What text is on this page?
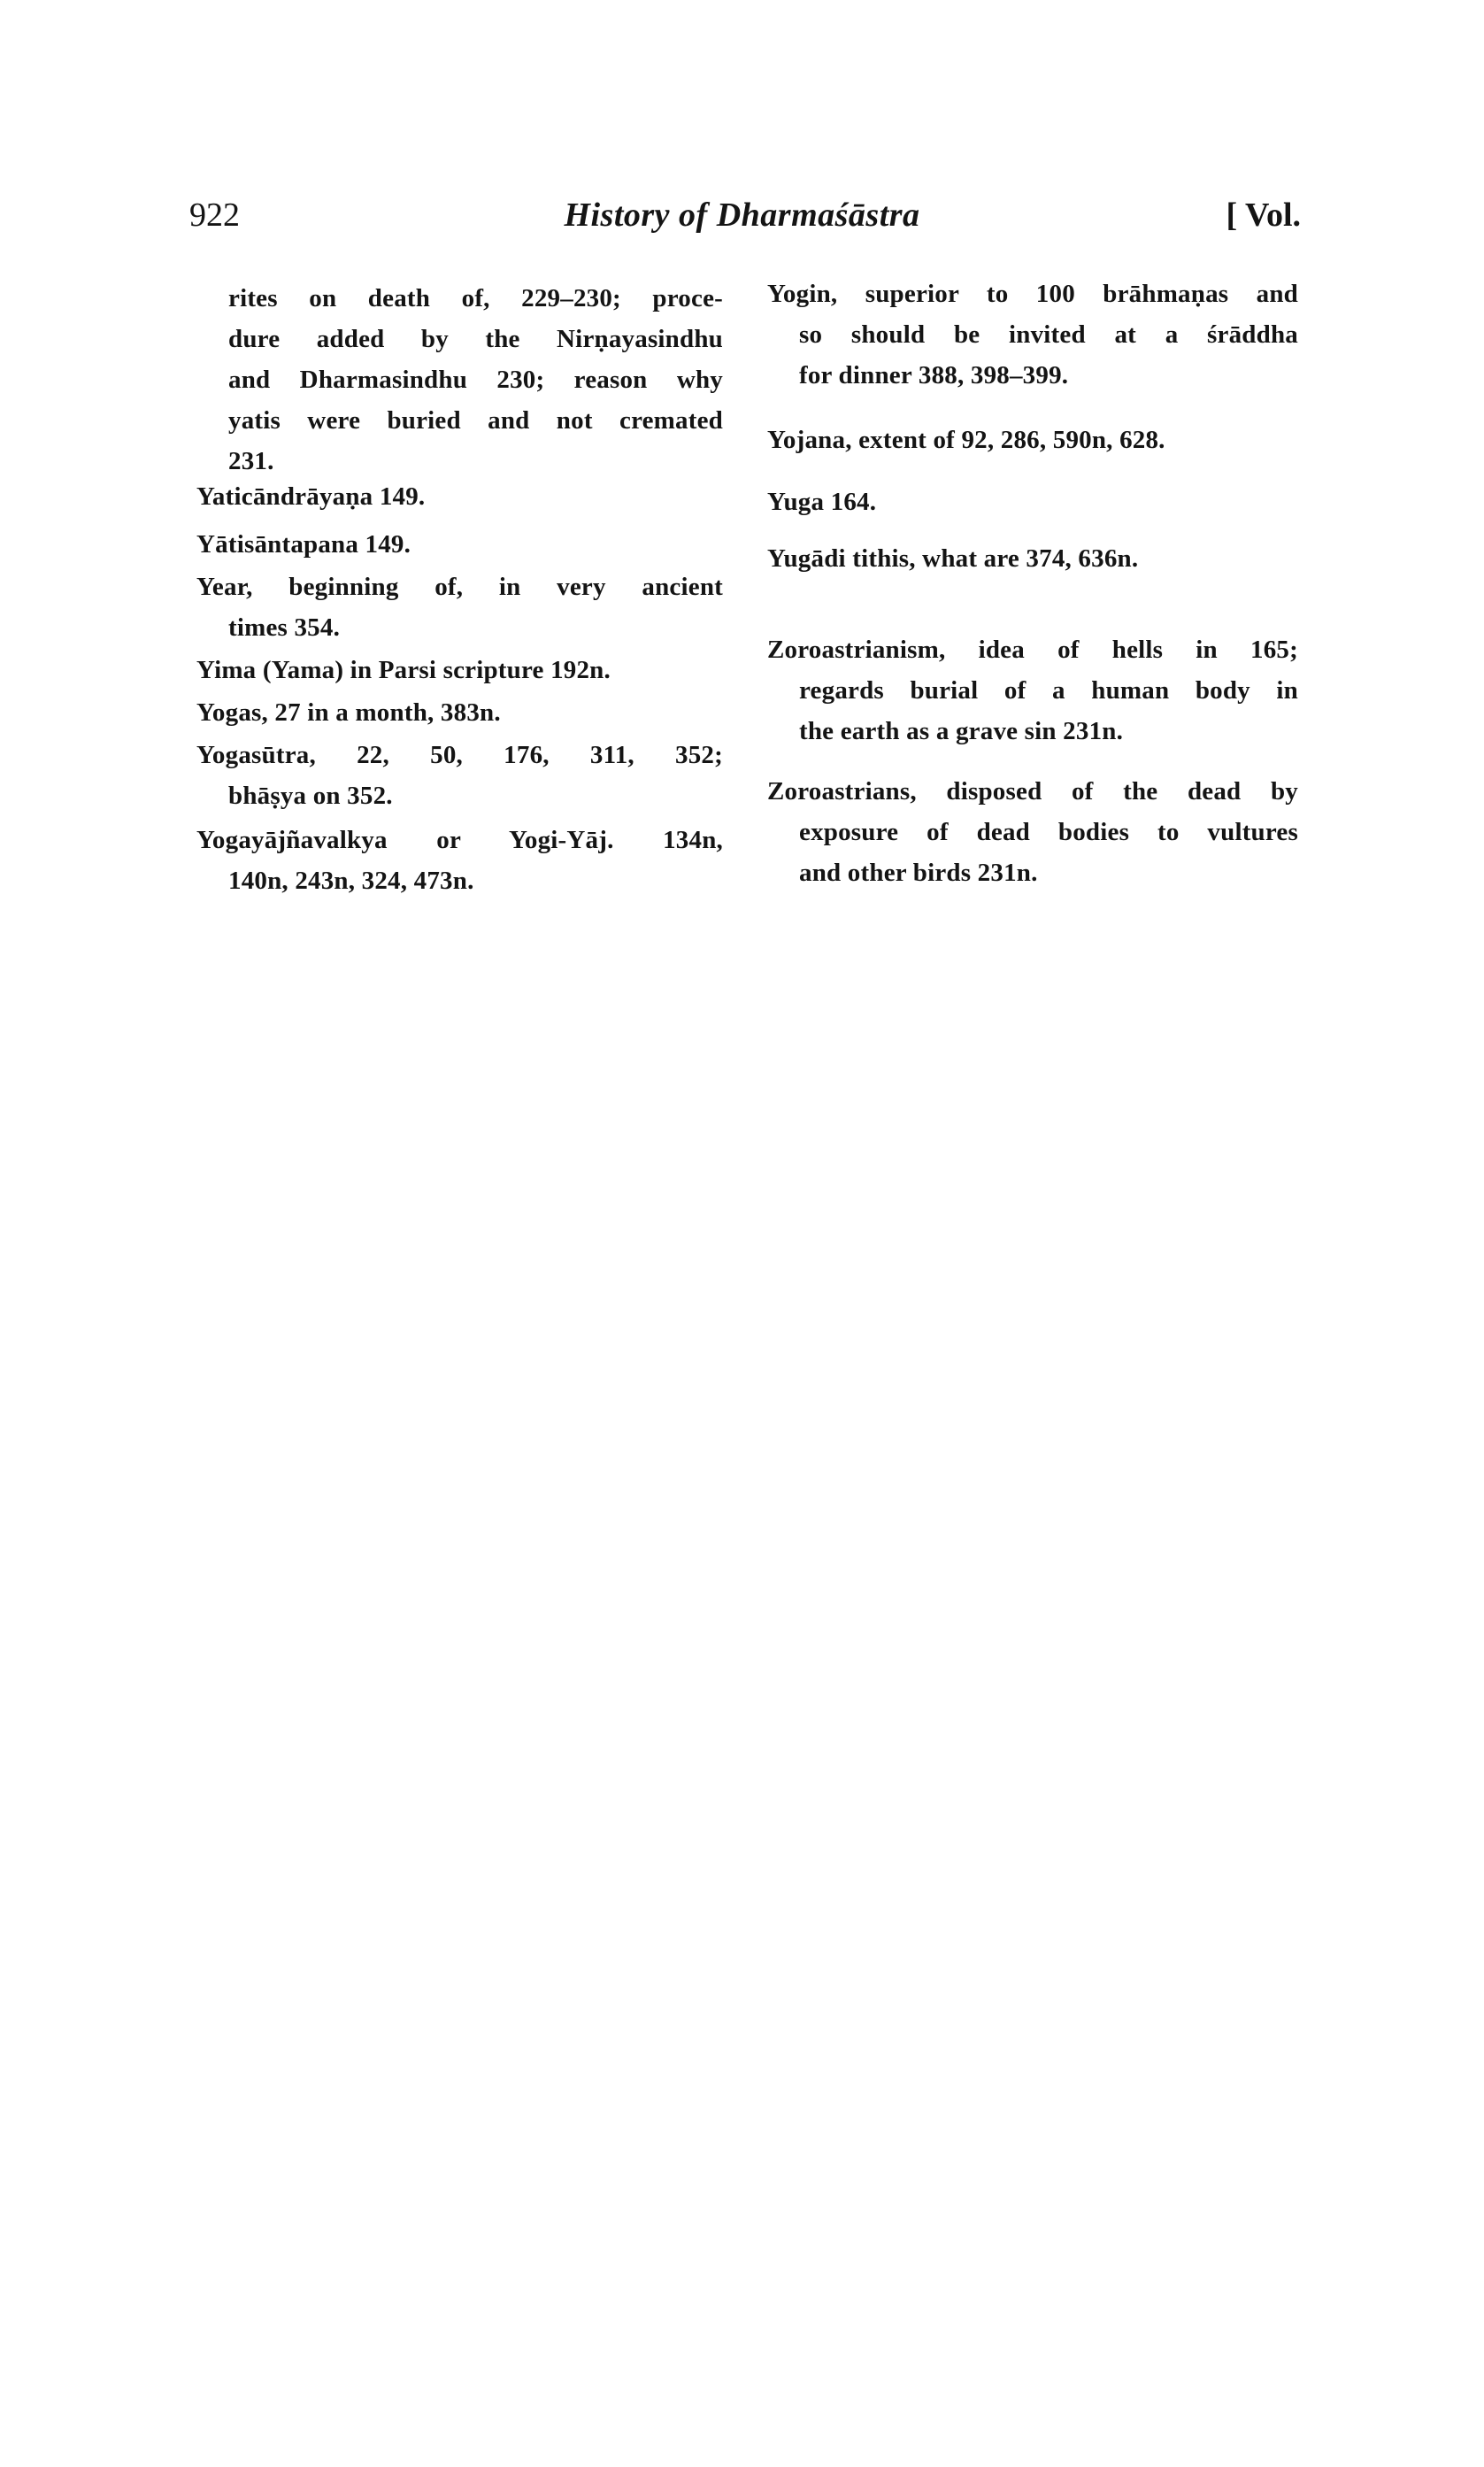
922	History of Dharmaśāstra	[ Vol.
rites on death of, 229–230; proce-
dure added by the Nirṇayasindhu
and Dharmasindhu 230; reason why
yatis were buried and not cremated
231.
Yaticāndrāyaṇa 149.
Yātisāntapana 149.
Year, beginning of, in very ancient
times 354.
Yima (Yama) in Parsi scripture 192n.
Yogas, 27 in a month, 383n.
Yogasūtra, 22, 50, 176, 311, 352;
bhāṣya on 352.
Yogayājñavalkya or Yogi-Yāj. 134n,
140n, 243n, 324, 473n.
Yogin, superior to 100 brāhmaṇas and
so should be invited at a śrāddha
for dinner 388, 398–399.
Yojana, extent of 92, 286, 590n, 628.
Yuga 164.
Yugādi tithis, what are 374, 636n.
Zoroastrianism, idea of hells in 165;
regards burial of a human body in
the earth as a grave sin 231n.
Zoroastrians, disposed of the dead by
exposure of dead bodies to vultures
and other birds 231n.
